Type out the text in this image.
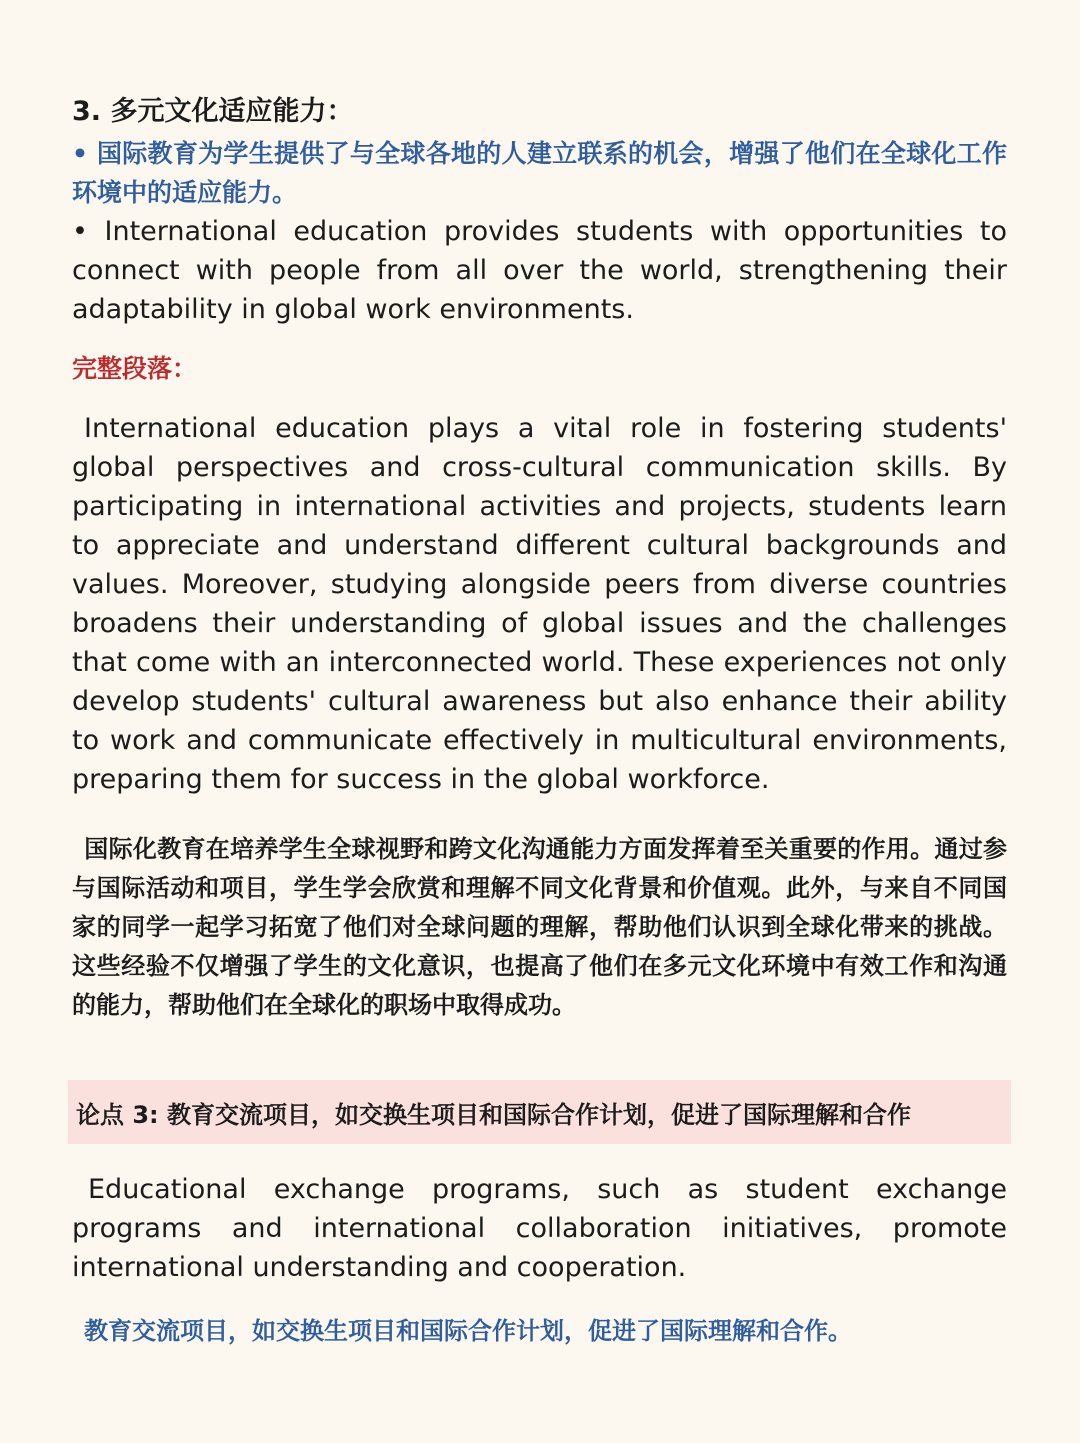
3. 多元文化适应能力：
• 国际教育为学生提供了与全球各地的人建立联系的机会，增强了他们在全球化工作环境中的适应能力。
• International education provides students with opportunities to connect with people from all over the world, strengthening their adaptability in global work environments.
完整段落：
International education plays a vital role in fostering students' global perspectives and cross-cultural communication skills. By participating in international activities and projects, students learn to appreciate and understand different cultural backgrounds and values. Moreover, studying alongside peers from diverse countries broadens their understanding of global issues and the challenges that come with an interconnected world. These experiences not only develop students' cultural awareness but also enhance their ability to work and communicate effectively in multicultural environments, preparing them for success in the global workforce.
国际化教育在培养学生全球视野和跨文化沟通能力方面发挥着至关重要的作用。通过参与国际活动和项目，学生学会欣赏和理解不同文化背景和价值观。此外，与来自不同国家的同学一起学习拓宽了他们对全球问题的理解，帮助他们认识到全球化带来的挑战。这些经验不仅增强了学生的文化意识，也提高了他们在多元文化环境中有效工作和沟通的能力，帮助他们在全球化的职场中取得成功。
论点 3: 教育交流项目，如交换生项目和国际合作计划，促进了国际理解和合作
Educational exchange programs, such as student exchange programs and international collaboration initiatives, promote international understanding and cooperation.
教育交流项目，如交换生项目和国际合作计划，促进了国际理解和合作。
